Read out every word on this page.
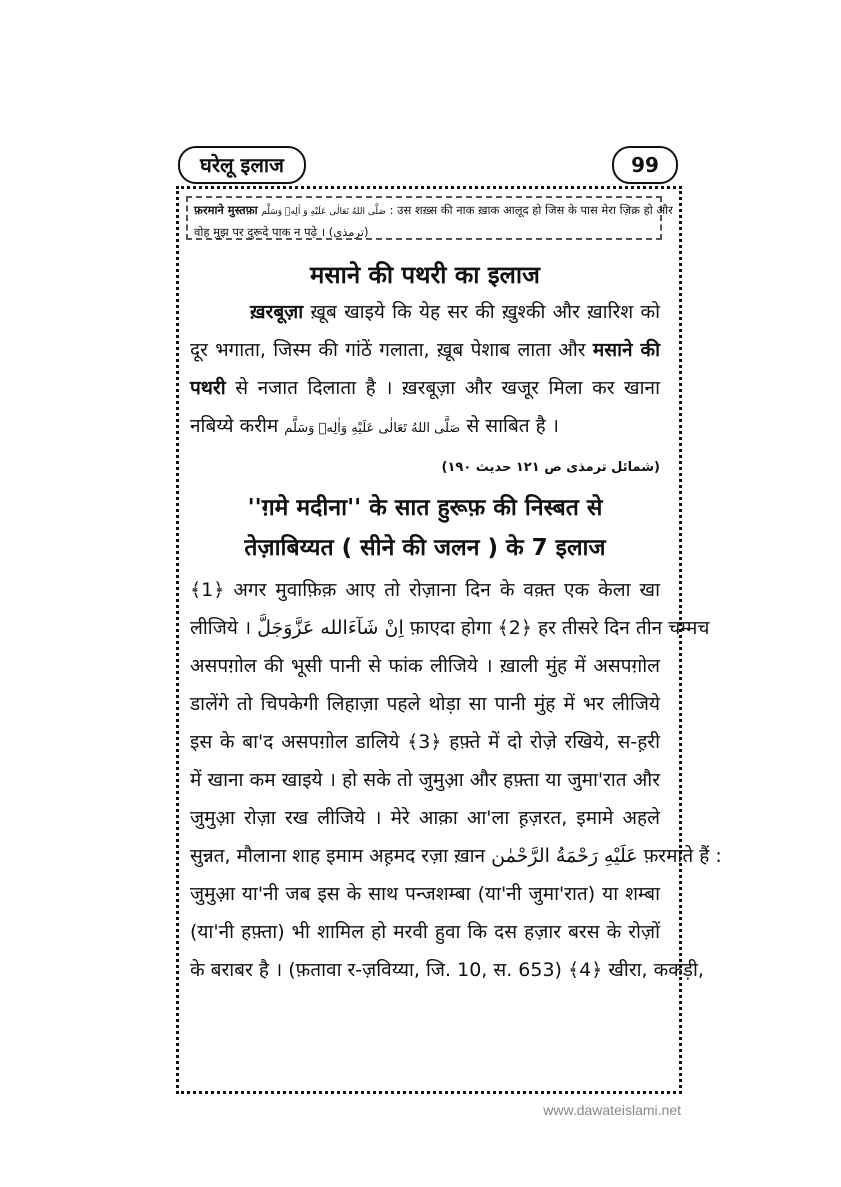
घरेलू इलाज	99
फ़रमाने मुस्तफ़ा صَلَّى اللهُ تَعَالٰى عَلَيْهِ وَ اٰلِهٖ وَسَلَّم : उस शख़्स की नाक ख़ाक आलूद हो जिस के पास मेरा ज़िक्र हो और
वोह मुझ पर दुरूदे पाक न पढ़े । (ترمذی)
मसाने की पथरी का इलाज
ख़रबूज़ा ख़ूब खाइये कि येह सर की ख़ुश्की और ख़ारिश को
दूर भगाता, जिस्म की गांठें गलाता, ख़ूब पेशाब लाता और मसाने की
पथरी से नजात दिलाता है । ख़रबूज़ा और खजूर मिला कर खाना
नबिय्ये करीम صَلَّى اللهُ تَعَالٰى عَلَيْهِ وَاٰلِهٖ وَسَلَّم से साबित है ।
(شمائل ترمذی ص ۱۲۱ حدیث ۱۹۰)
''ग़मे मदीना'' के सात हुरूफ़ की निस्बत से
तेज़ाबिय्यत ( सीने की जलन ) के 7 इलाज
﴾1﴿ अगर मुवाफ़िक़ आए तो रोज़ाना दिन के वक़्त एक केला खा
लीजिये । اِنْ شَآءَالله عَزَّوَجَلَّ फ़ाएदा होगा ﴾2﴿ हर तीसरे दिन तीन चम्मच
असपग़ोल की भूसी पानी से फांक लीजिये । ख़ाली मुंह में असपग़ोल
डालेंगे तो चिपकेगी लिहाज़ा पहले थोड़ा सा पानी मुंह में भर लीजिये
इस के बा'द असपग़ोल डालिये ﴾3﴿ हफ़्ते में दो रोज़े रखिये, स-ह़री
में खाना कम खाइये । हो सके तो जुमुआ़ और हफ़्ता या जुमा'रात और
जुमुआ़ रोज़ा रख लीजिये । मेरे आक़ा आ'ला ह़ज़रत, इमामे अहले
सुन्नत, मौलाना शाह इमाम अह़मद रज़ा ख़ान عَلَيْهِ رَحْمَةُ الرَّحْمٰن फ़रमाते हैं :
जुमुआ़ या'नी जब इस के साथ पन्जशम्बा (या'नी जुमा'रात) या शम्बा
(या'नी हफ़्ता) भी शामिल हो मरवी हुवा कि दस हज़ार बरस के रोज़ों
के बराबर है । (फ़तावा र-ज़विय्या, जि. 10, स. 653) ﴾4﴿ खीरा, ककड़ी,
www.dawateislami.net
